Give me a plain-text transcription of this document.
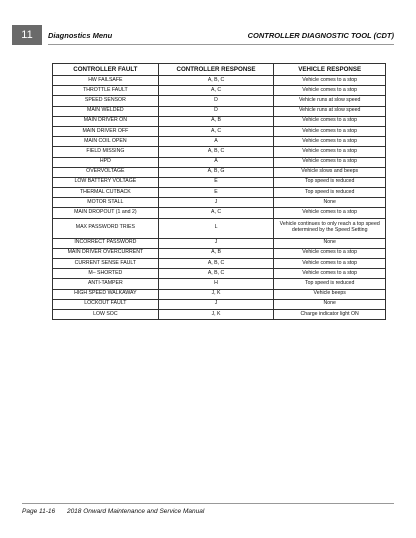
11	Diagnostics Menu	CONTROLLER DIAGNOSTIC TOOL (CDT)
CONTROLLER FAULT	CONTROLLER RESPONSE	VEHICLE RESPONSE
HW FAILSAFE	A, B, C	Vehicle comes to a stop
THROTTLE FAULT	A, C	Vehicle comes to a stop
SPEED SENSOR	D	Vehicle runs at slow speed
MAIN WELDED	D	Vehicle runs at slow speed
MAIN DRIVER ON	A, B	Vehicle comes to a stop
MAIN DRIVER OFF	A, C	Vehicle comes to a stop
MAIN COIL OPEN	A	Vehicle comes to a stop
FIELD MISSING	A, B, C	Vehicle comes to a stop
HPD	A	Vehicle comes to a stop
OVERVOLTAGE	A, B, G	Vehicle slows and beeps
LOW BATTERY VOLTAGE	E	Top speed is reduced
THERMAL CUTBACK	E	Top speed is reduced
MOTOR STALL	J	None
MAIN DROPOUT (1 and 2)	A, C	Vehicle comes to a stop
MAX PASSWORD TRIES	L	Vehicle continues to only reach a top speed determined by the Speed Setting
INCORRECT PASSWORD	J	None
MAIN DRIVER OVERCURRENT	A, B	Vehicle comes to a stop
CURRENT SENSE FAULT	A, B, C	Vehicle comes to a stop
M– SHORTED	A, B, C	Vehicle comes to a stop
ANTI-TAMPER	H	Top speed is reduced
HIGH SPEED WALKAWAY	J, K	Vehicle beeps
LOCKOUT FAULT	J	None
LOW SOC	J, K	Charge indicator light ON
Page 11-16 2018 Onward Maintenance and Service Manual
